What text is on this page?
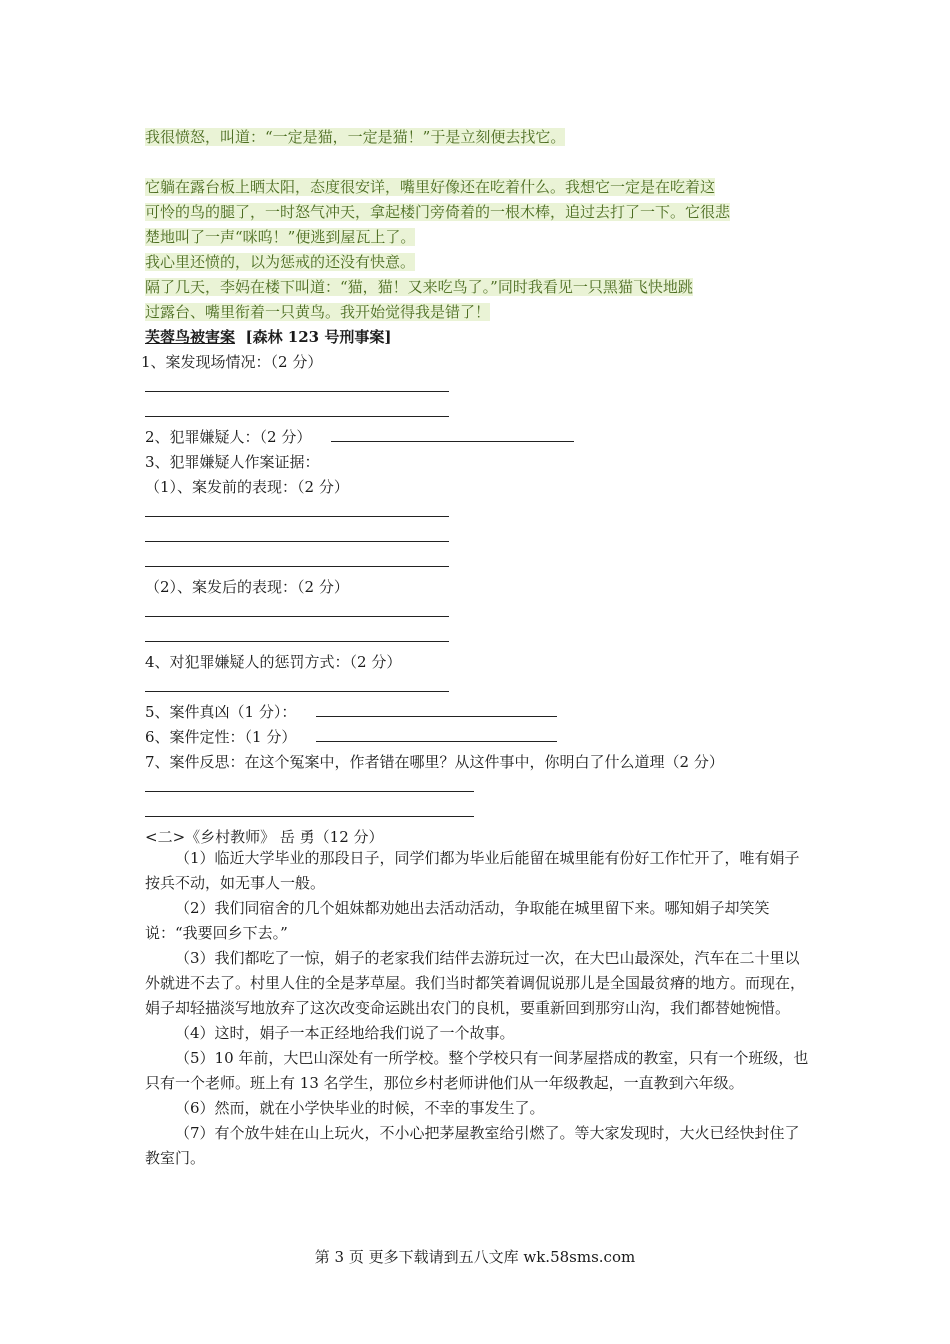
我很愤怒，叫道：“一定是猫，一定是猫！”于是立刻便去找它。
它躺在露台板上晒太阳，态度很安详，嘴里好像还在吃着什么。我想它一定是在吃着这
可怜的鸟的腿了，一时怒气冲天，拿起楼门旁倚着的一根木棒，追过去打了一下。它很悲
楚地叫了一声“咪呜！”便逃到屋瓦上了。
我心里还愤的，以为惩戒的还没有快意。
隔了几天，李妈在楼下叫道：“猫，猫！又来吃鸟了。”同时我看见一只黑猫飞快地跳
过露台、嘴里衔着一只黄鸟。我开始觉得我是错了！
芙蓉鸟被害案 [森林 123 号刑事案]
1、案发现场情况：（2 分）
2、犯罪嫌疑人：（2 分）
3、犯罪嫌疑人作案证据：
（1）、案发前的表现：（2 分）
（2）、案发后的表现：（2 分）
4、对犯罪嫌疑人的惩罚方式：（2 分）
5、案件真凶（1 分）：
6、案件定性：（1 分）
7、案件反思：在这个冤案中，作者错在哪里？从这件事中，你明白了什么道理（2 分）
<二>《乡村教师》 岳 勇（12 分）
（1）临近大学毕业的那段日子，同学们都为毕业后能留在城里能有份好工作忙开了，唯有娟子按兵不动，如无事人一般。
（2）我们同宿舍的几个姐妹都劝她出去活动活动，争取能在城里留下来。哪知娟子却笑笑说：“我要回乡下去。”
（3）我们都吃了一惊，娟子的老家我们结伴去游玩过一次，在大巴山最深处，汽车在二十里以外就进不去了。村里人住的全是茅草屋。我们当时都笑着调侃说那儿是全国最贫瘠的地方。而现在，娟子却轻描淡写地放弃了这次改变命运跳出农门的良机，要重新回到那穷山沟，我们都替她惋惜。
（4）这时，娟子一本正经地给我们说了一个故事。
（5）10 年前，大巴山深处有一所学校。整个学校只有一间茅屋搭成的教室，只有一个班级，也只有一个老师。班上有 13 名学生，那位乡村老师讲他们从一年级教起，一直教到六年级。
（6）然而，就在小学快毕业的时候，不幸的事发生了。
（7）有个放牛娃在山上玩火，不小心把茅屋教室给引燃了。等大家发现时，大火已经快封住了教室门。
第 3 页 更多下载请到五八文库 wk.58sms.com
